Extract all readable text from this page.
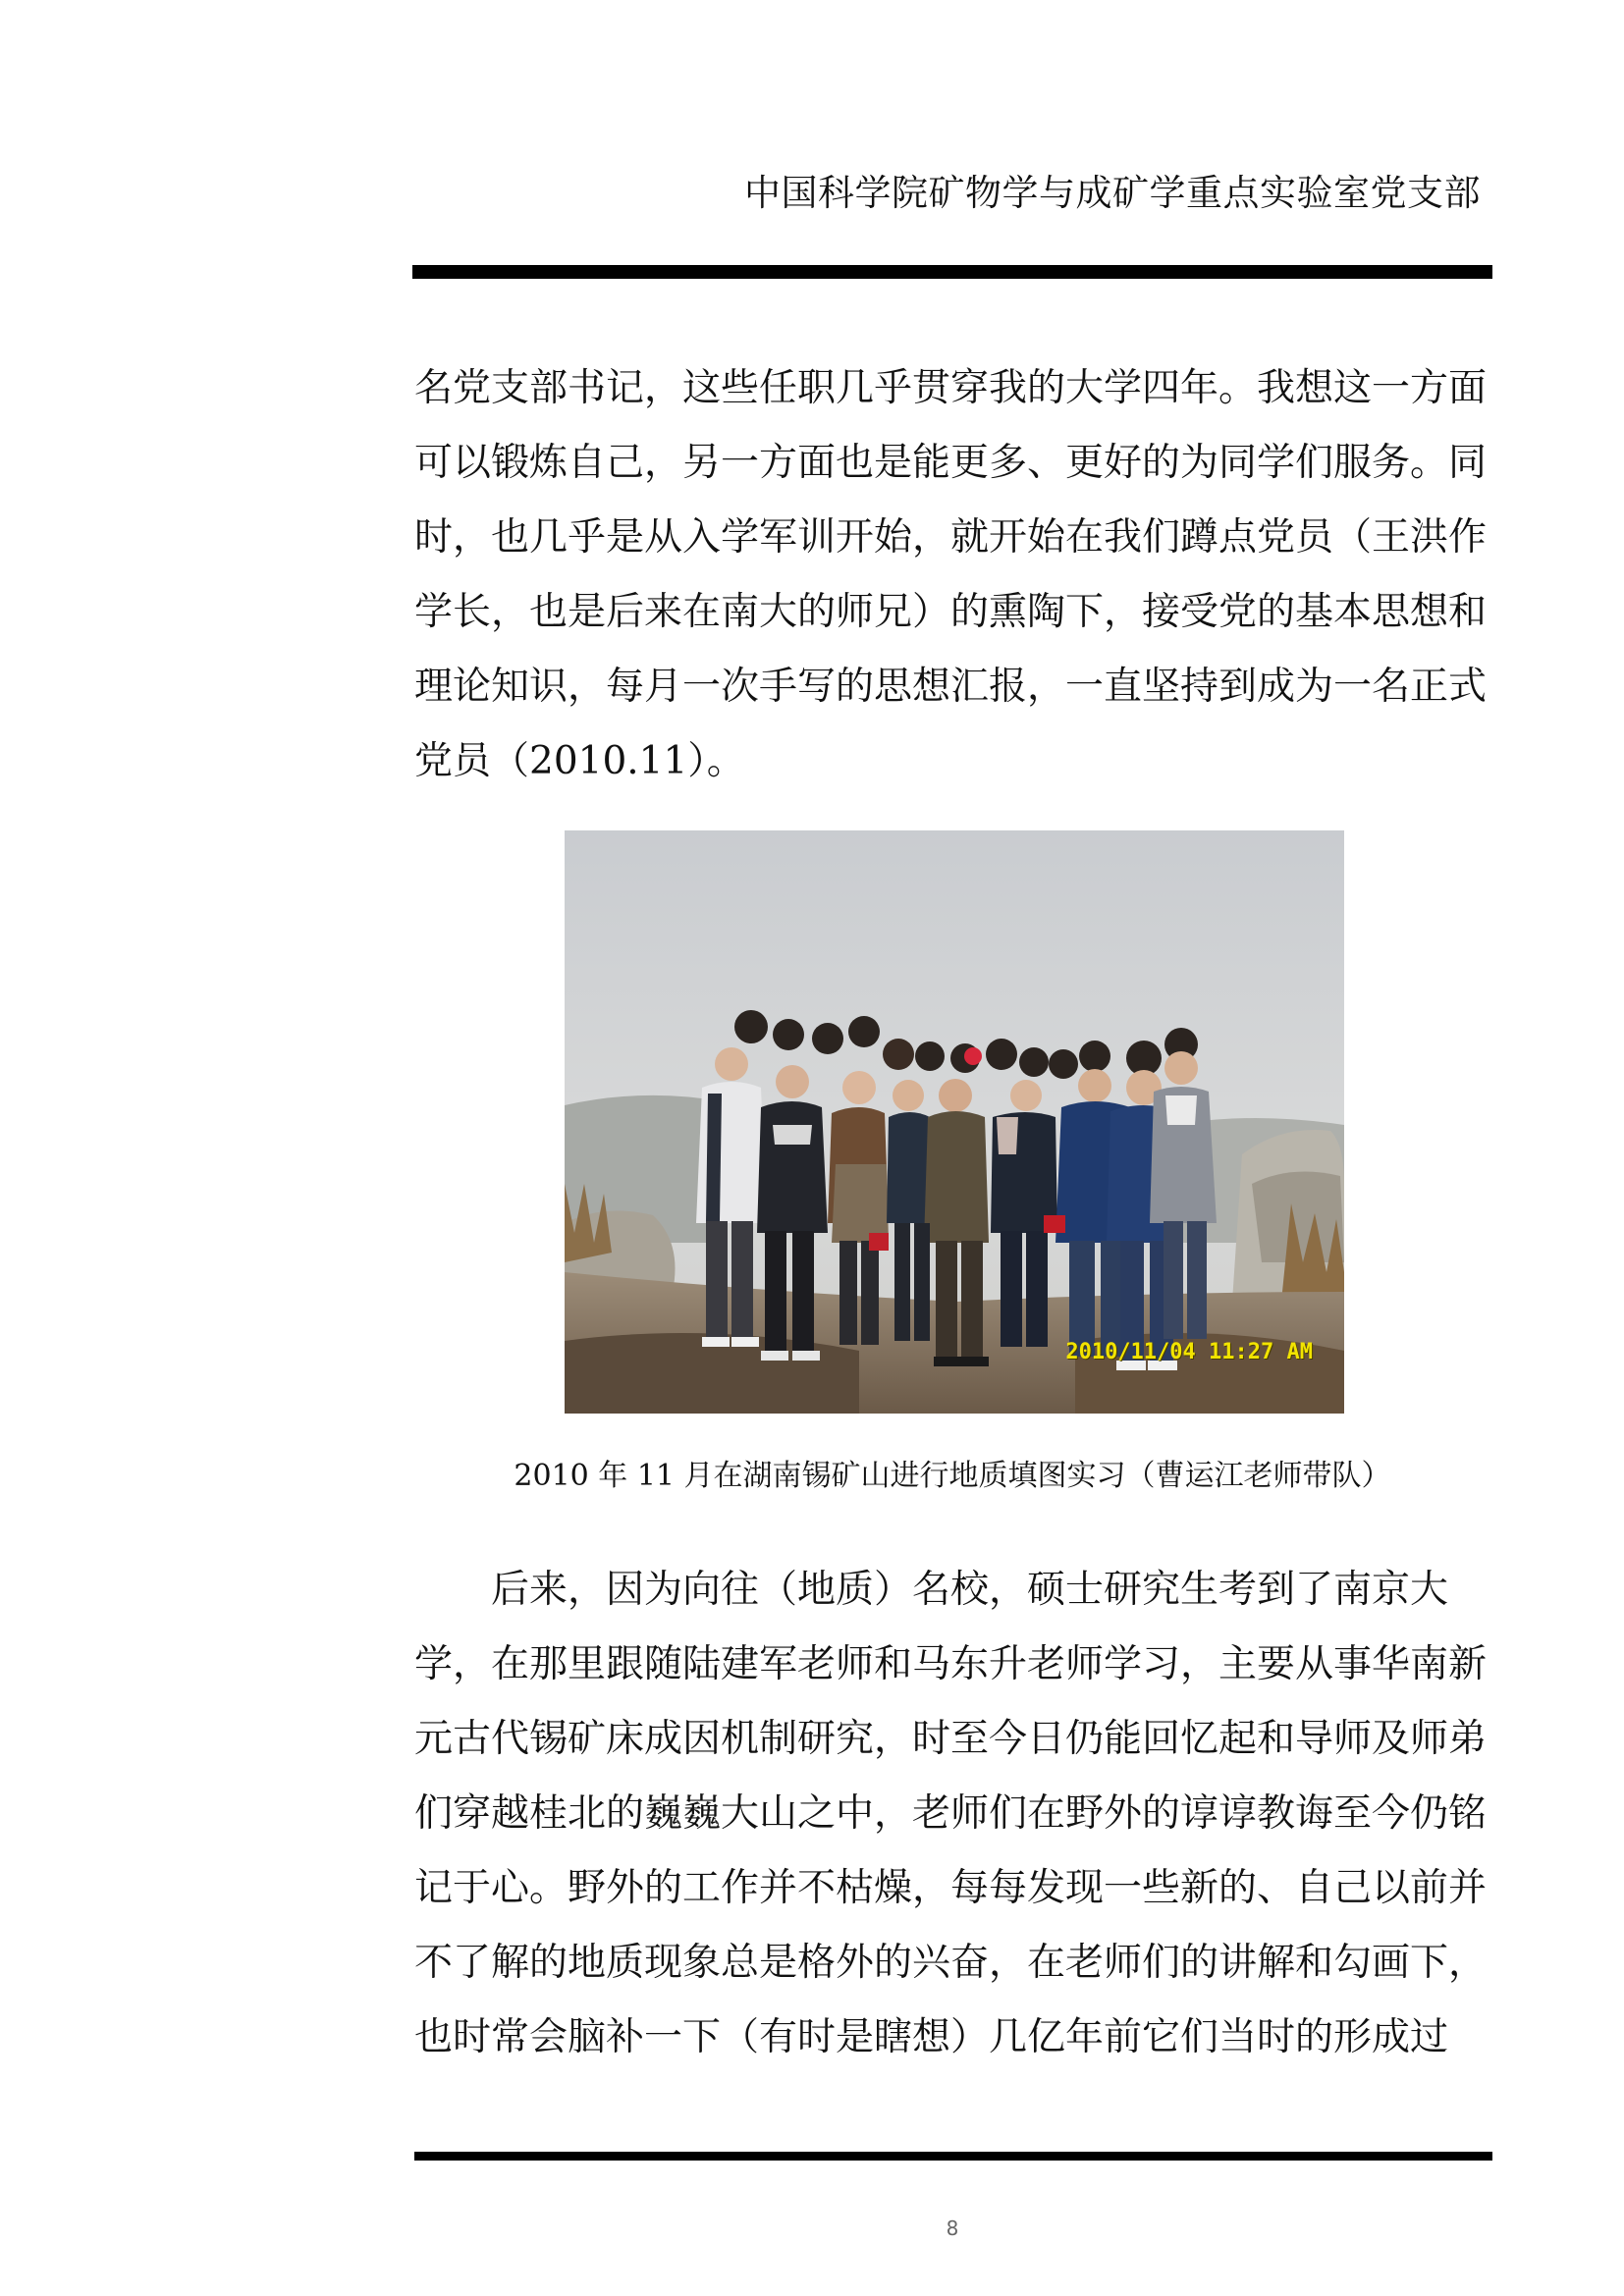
中国科学院矿物学与成矿学重点实验室党支部
名党支部书记，这些任职几乎贯穿我的大学四年。我想这一方面
可以锻炼自己，另一方面也是能更多、更好的为同学们服务。同
时，也几乎是从入学军训开始，就开始在我们蹲点党员（王洪作
学长，也是后来在南大的师兄）的熏陶下，接受党的基本思想和
理论知识，每月一次手写的思想汇报，一直坚持到成为一名正式
党员（2010.11）。
2010/11/04 11:27 AM
2010 年 11 月在湖南锡矿山进行地质填图实习（曹运江老师带队）
　　后来，因为向往（地质）名校，硕士研究生考到了南京大
学，在那里跟随陆建军老师和马东升老师学习，主要从事华南新
元古代锡矿床成因机制研究，时至今日仍能回忆起和导师及师弟
们穿越桂北的巍巍大山之中，老师们在野外的谆谆教诲至今仍铭
记于心。野外的工作并不枯燥，每每发现一些新的、自己以前并
不了解的地质现象总是格外的兴奋，在老师们的讲解和勾画下，
也时常会脑补一下（有时是瞎想）几亿年前它们当时的形成过
8
